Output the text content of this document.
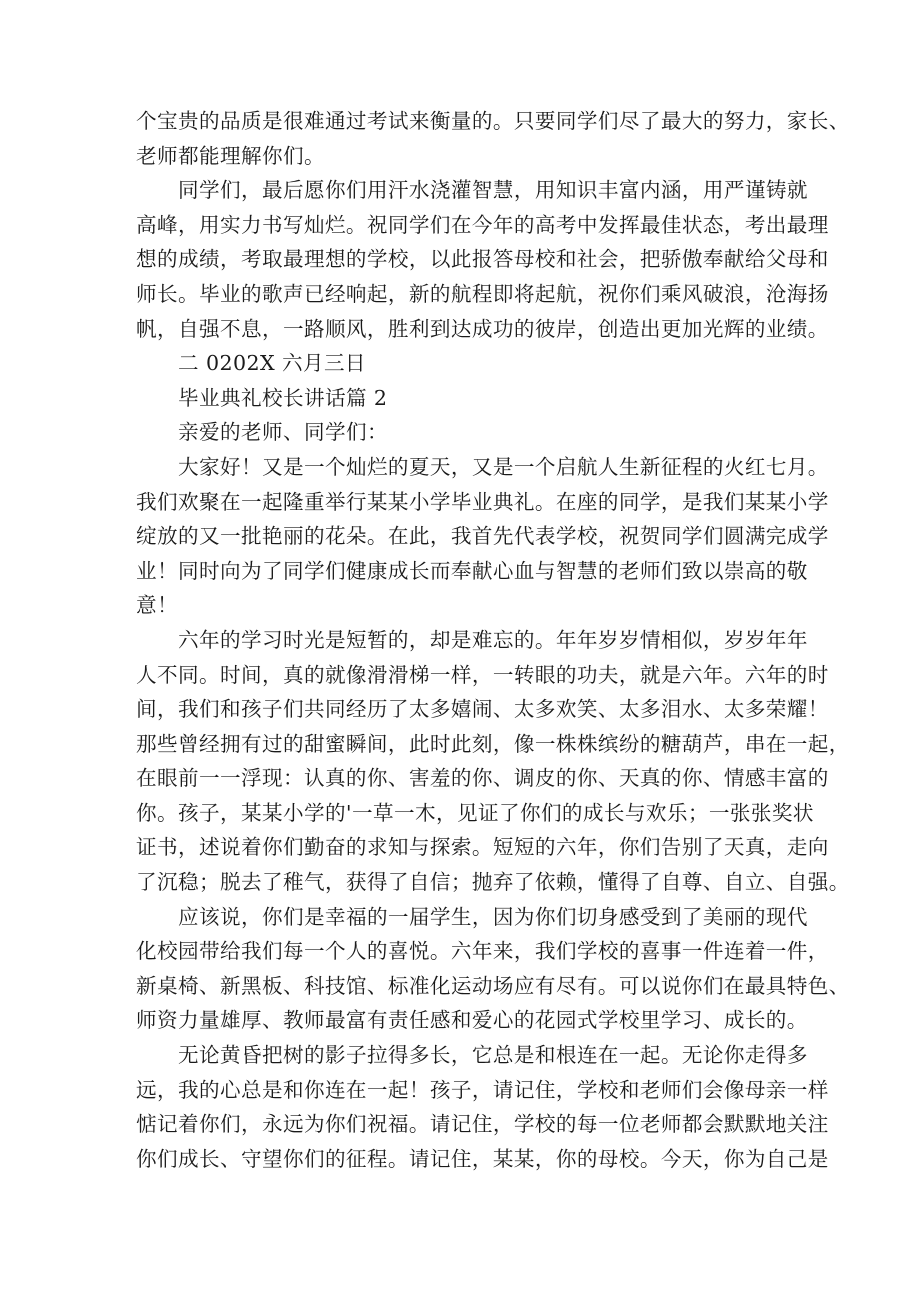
个宝贵的品质是很难通过考试来衡量的。只要同学们尽了最大的努力，家长、
老师都能理解你们。
同学们，最后愿你们用汗水浇灌智慧，用知识丰富内涵，用严谨铸就
高峰，用实力书写灿烂。祝同学们在今年的高考中发挥最佳状态，考出最理
想的成绩，考取最理想的学校，以此报答母校和社会，把骄傲奉献给父母和
师长。毕业的歌声已经响起，新的航程即将起航，祝你们乘风破浪，沧海扬
帆，自强不息，一路顺风，胜利到达成功的彼岸，创造出更加光辉的业绩。
二 0202X 六月三日
毕业典礼校长讲话篇 2
亲爱的老师、同学们：
大家好！又是一个灿烂的夏天，又是一个启航人生新征程的火红七月。
我们欢聚在一起隆重举行某某小学毕业典礼。在座的同学，是我们某某小学
绽放的又一批艳丽的花朵。在此，我首先代表学校，祝贺同学们圆满完成学
业！同时向为了同学们健康成长而奉献心血与智慧的老师们致以崇高的敬
意！
六年的学习时光是短暂的，却是难忘的。年年岁岁情相似，岁岁年年
人不同。时间，真的就像滑滑梯一样，一转眼的功夫，就是六年。六年的时
间，我们和孩子们共同经历了太多嬉闹、太多欢笑、太多泪水、太多荣耀！
那些曾经拥有过的甜蜜瞬间，此时此刻，像一株株缤纷的糖葫芦，串在一起，
在眼前一一浮现：认真的你、害羞的你、调皮的你、天真的你、情感丰富的
你。孩子，某某小学的'一草一木，见证了你们的成长与欢乐；一张张奖状
证书，述说着你们勤奋的求知与探索。短短的六年，你们告别了天真，走向
了沉稳；脱去了稚气，获得了自信；抛弃了依赖，懂得了自尊、自立、自强。
应该说，你们是幸福的一届学生，因为你们切身感受到了美丽的现代
化校园带给我们每一个人的喜悦。六年来，我们学校的喜事一件连着一件，
新桌椅、新黑板、科技馆、标准化运动场应有尽有。可以说你们在最具特色、
师资力量雄厚、教师最富有责任感和爱心的花园式学校里学习、成长的。
无论黄昏把树的影子拉得多长，它总是和根连在一起。无论你走得多
远，我的心总是和你连在一起！孩子，请记住，学校和老师们会像母亲一样
惦记着你们，永远为你们祝福。请记住，学校的每一位老师都会默默地关注
你们成长、守望你们的征程。请记住，某某，你的母校。今天，你为自己是
